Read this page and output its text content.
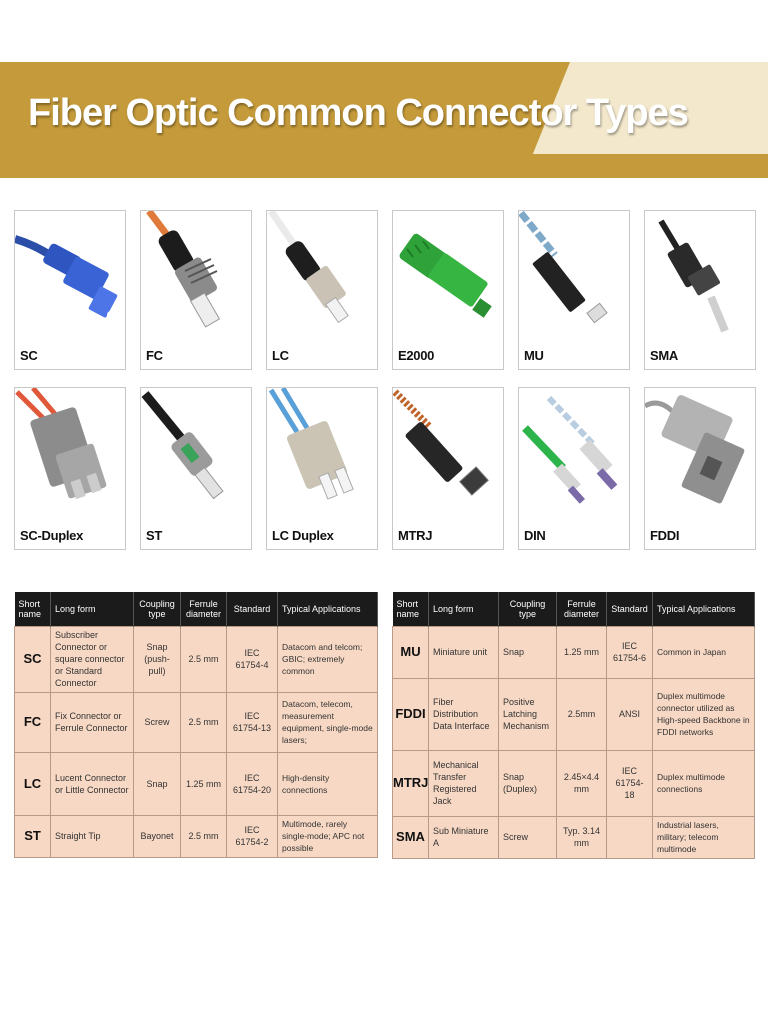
Fiber Optic Common Connector Types
SC	FC	LC	E2000	MU	SMA
SC-Duplex	ST	LC Duplex	MTRJ	DIN	FDDI
Short name	Long form	Coupling type	Ferrule diameter	Standard	Typical Applications
SC	Subscriber Connector or square connector or Standard Connector	Snap (push-pull)	2.5 mm	IEC 61754-4	Datacom and telcom; GBIC; extremely common
FC	Fix Connector or Ferrule Connector	Screw	2.5 mm	IEC 61754-13	Datacom, telecom, measurement equipment, single-mode lasers;
LC	Lucent Connector or Little Connector	Snap	1.25 mm	IEC 61754-20	High-density connections
ST	Straight Tip	Bayonet	2.5 mm	IEC 61754-2	Multimode, rarely single-mode; APC not possible
Short name	Long form	Coupling type	Ferrule diameter	Standard	Typical Applications
MU	Miniature unit	Snap	1.25 mm	IEC 61754-6	Common in Japan
FDDI	Fiber Distribution Data Interface	Positive Latching Mechanism	2.5mm	ANSI	Duplex multimode connector utilized as High-speed Backbone in FDDI networks
MTRJ	Mechanical Transfer Registered Jack	Snap (Duplex)	2.45×4.4 mm	IEC 61754-18	Duplex multimode connections
SMA	Sub Miniature A	Screw	Typ. 3.14 mm		Industrial lasers, military; telecom multimode
